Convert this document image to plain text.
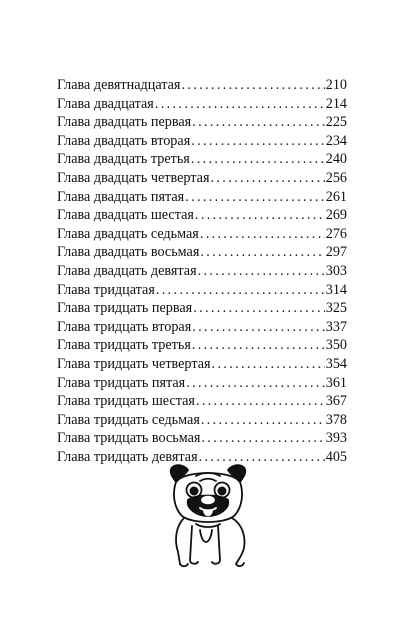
Глава девятнадцатая . . .	210
Глава двадцатая . . .	214
Глава двадцать первая . . .	225
Глава двадцать вторая . . .	234
Глава двадцать третья . . .	240
Глава двадцать четвертая . . .	256
Глава двадцать пятая . . .	261
Глава двадцать шестая . . .	269
Глава двадцать седьмая . . .	276
Глава двадцать восьмая . . .	297
Глава двадцать девятая . . .	303
Глава тридцатая . . .	314
Глава тридцать первая . . .	325
Глава тридцать вторая . . .	337
Глава тридцать третья . . .	350
Глава тридцать четвертая . . .	354
Глава тридцать пятая . . .	361
Глава тридцать шестая . . .	367
Глава тридцать седьмая . . .	378
Глава тридцать восьмая . . .	393
Глава тридцать девятая . . .	405
